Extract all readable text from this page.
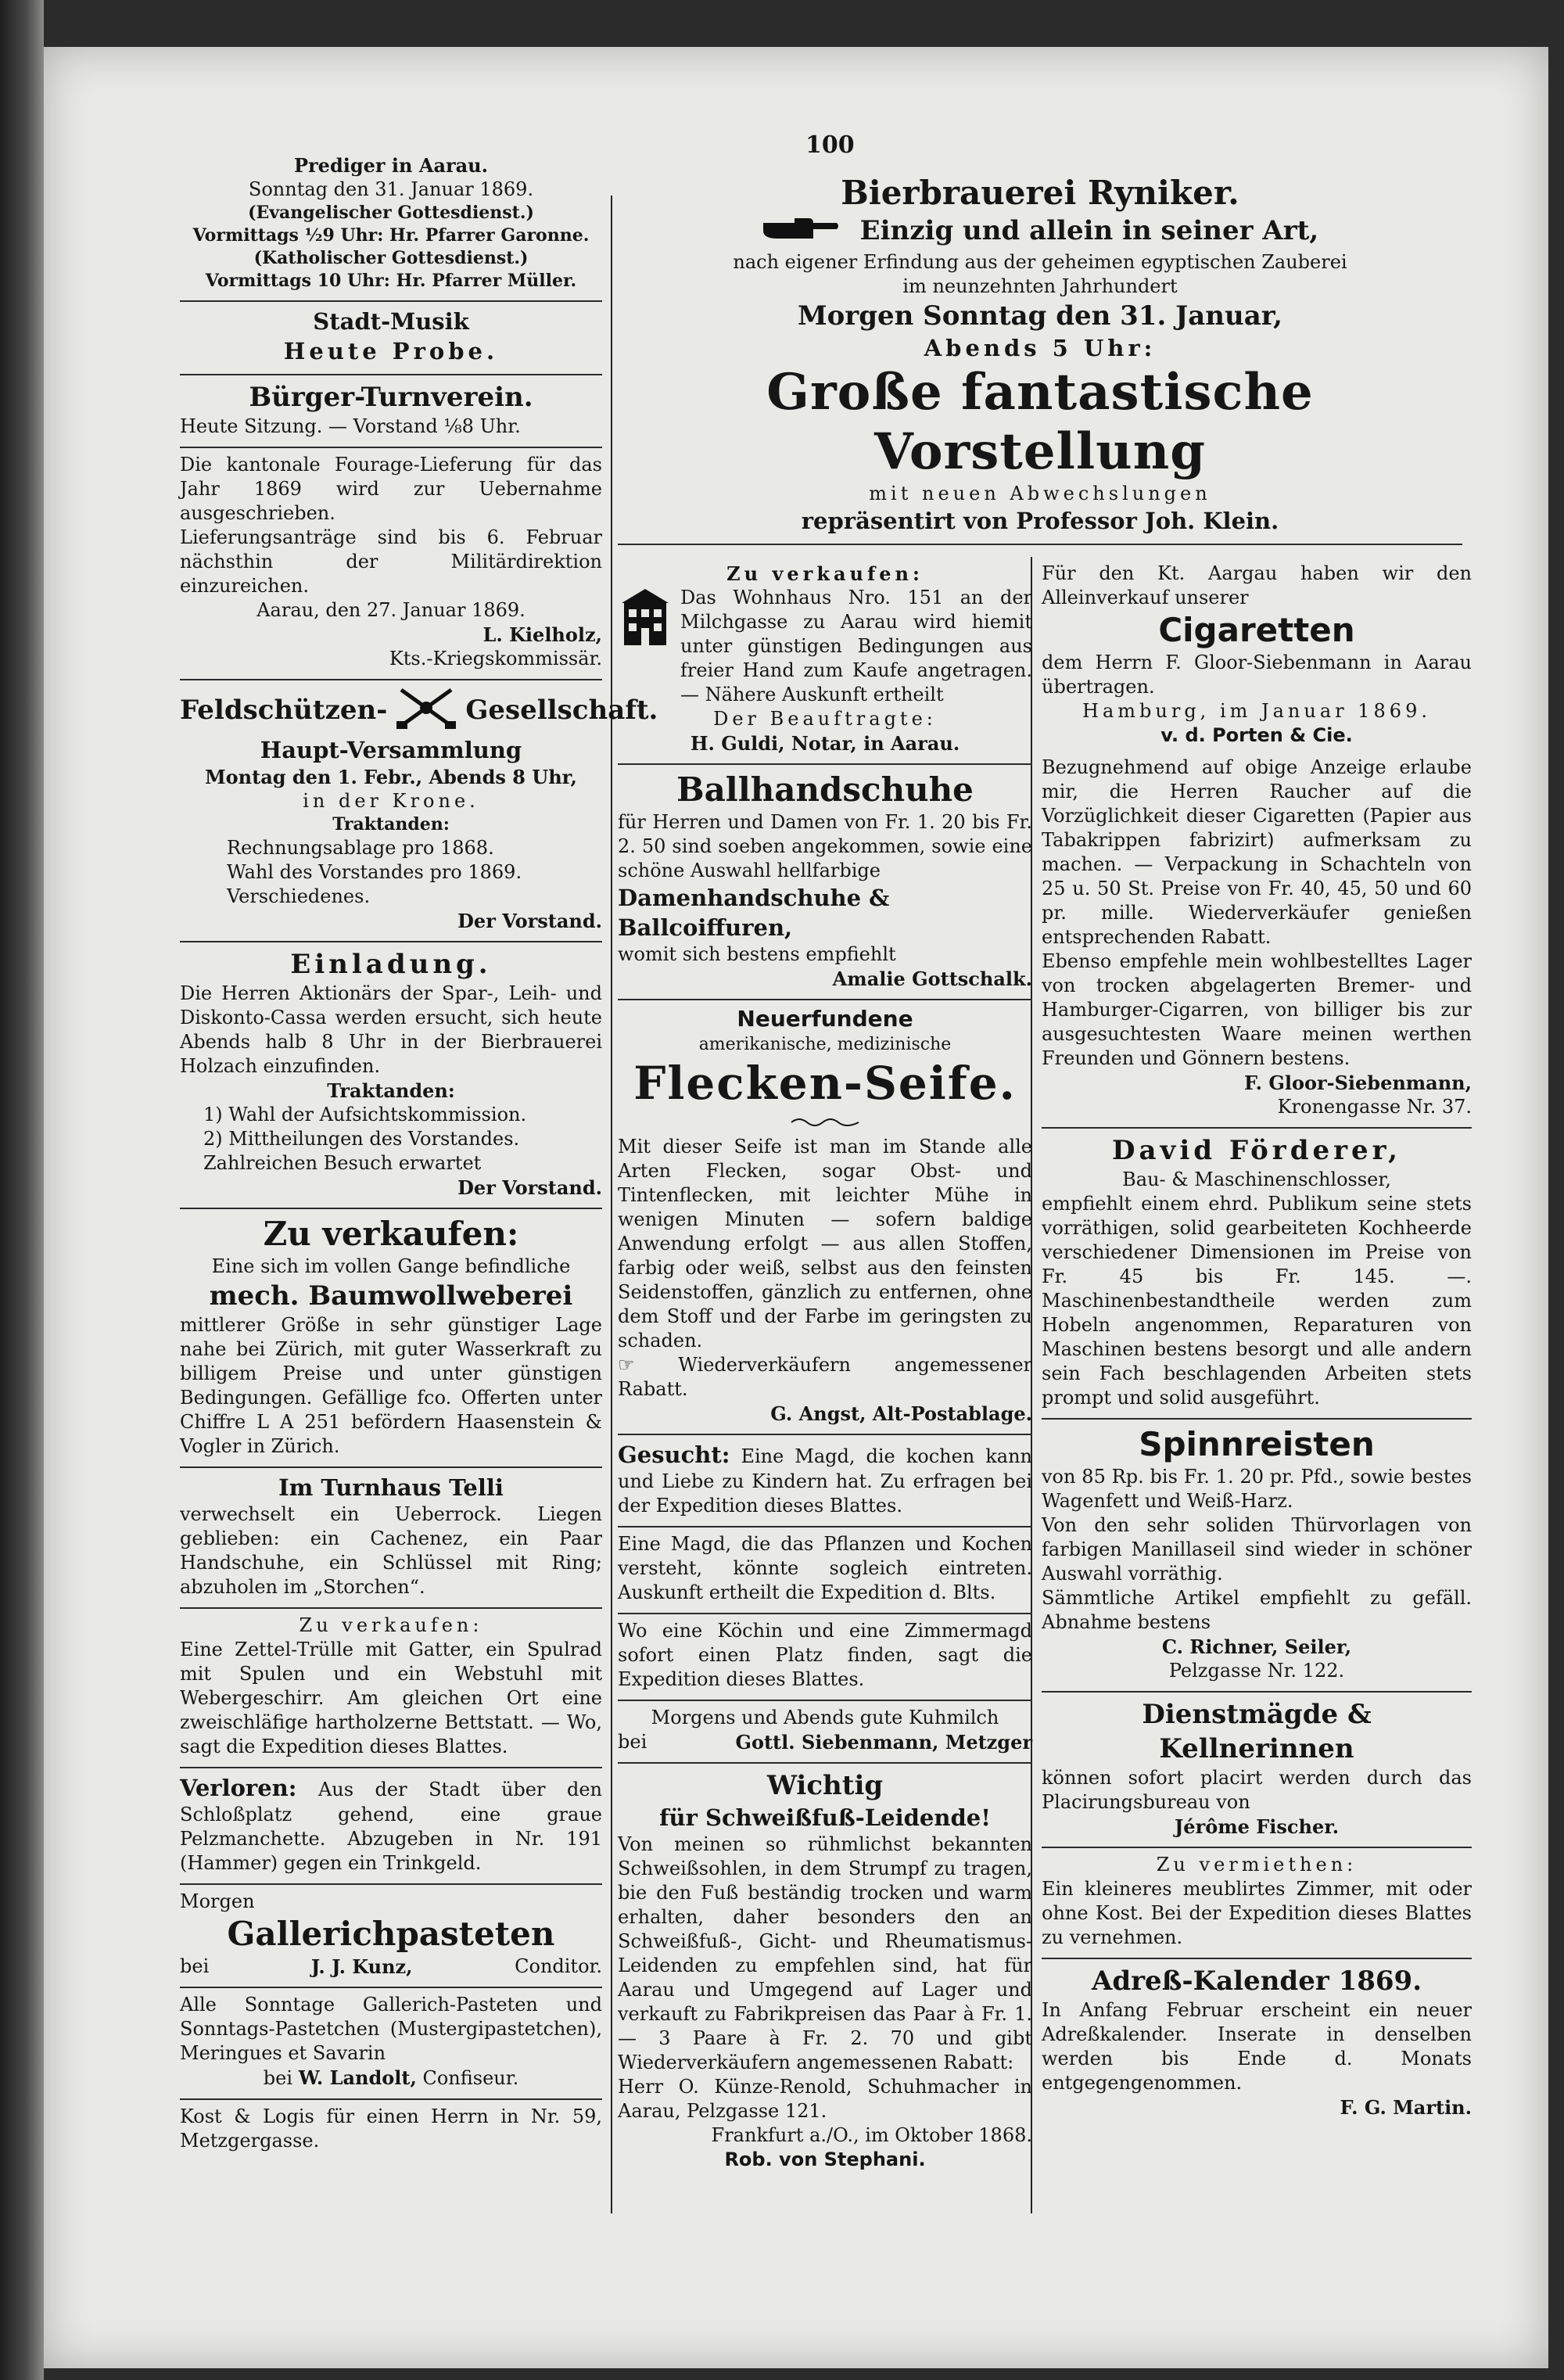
100

Prediger in Aarau.

Sonntag den 31. Januar 1869.

(Evangelischer Gottesdienst.)

Vormittags ½9 Uhr: Hr. Pfarrer Garonne.

(Katholischer Gottesdienst.)

Vormittags 10 Uhr: Hr. Pfarrer Müller.

Stadt-Musik

Heute Probe.

Bürger-Turnverein.

Heute Sitzung. — Vorstand ⅛8 Uhr.

Die kantonale Fourage-Lieferung für das Jahr 1869 wird zur Uebernahme ausgeschrieben.

Lieferungsanträge sind bis 6. Februar nächsthin der Militärdirektion einzureichen.

Aarau, den 27. Januar 1869.

L. Kielholz,

Kts.-Kriegskommissär.

Feldschützen-	Gesellschaft.

Haupt-Versammlung

Montag den 1. Febr., Abends 8 Uhr,

in der Krone.

Traktanden:

Rechnungsablage pro 1868.

Wahl des Vorstandes pro 1869.

Verschiedenes.

Der Vorstand.

Einladung.

Die Herren Aktionärs der Spar-, Leih- und Diskonto-Cassa werden ersucht, sich heute Abends halb 8 Uhr in der Bierbrauerei Holzach einzufinden.

Traktanden:

1) Wahl der Aufsichtskommission.

2) Mittheilungen des Vorstandes.

Zahlreichen Besuch erwartet

Der Vorstand.

Zu verkaufen:

Eine sich im vollen Gange befindliche

mech. Baumwollweberei

mittlerer Größe in sehr günstiger Lage nahe bei Zürich, mit guter Wasserkraft zu billigem Preise und unter günstigen Bedingungen. Gefällige fco. Offerten unter Chiffre L A 251 befördern Haasenstein & Vogler in Zürich.

Im Turnhaus Telli

verwechselt ein Ueberrock. Liegen geblieben: ein Cachenez, ein Paar Handschuhe, ein Schlüssel mit Ring; abzuholen im „Storchen“.

Zu verkaufen:

Eine Zettel-Trülle mit Gatter, ein Spulrad mit Spulen und ein Webstuhl mit Webergeschirr. Am gleichen Ort eine zweischläfige hartholzerne Bettstatt. — Wo, sagt die Expedition dieses Blattes.

Verloren: Aus der Stadt über den Schloßplatz gehend, eine graue Pelzmanchette. Abzugeben in Nr. 191 (Hammer) gegen ein Trinkgeld.

Morgen

Gallerichpasteten

bei	J. J. Kunz,	Conditor.

Alle Sonntage Gallerich-Pasteten und Sonntags-Pastetchen (Mustergipastetchen), Meringues et Savarin

bei W. Landolt, Confiseur.

Kost & Logis für einen Herrn in Nr. 59, Metzgergasse.

Bierbrauerei Ryniker.

Einzig und allein in seiner Art,

nach eigener Erfindung aus der geheimen egyptischen Zauberei

im neunzehnten Jahrhundert

Morgen Sonntag den 31. Januar,

Abends 5 Uhr:

Große fantastische Vorstellung

mit neuen Abwechslungen

repräsentirt von Professor Joh. Klein.

Zu verkaufen:

Das Wohnhaus Nro. 151 an der Milchgasse zu Aarau wird hiemit unter günstigen Bedingungen aus freier Hand zum Kaufe angetragen. — Nähere Auskunft ertheilt

Der Beauftragte:

H. Guldi, Notar, in Aarau.

Ballhandschuhe

für Herren und Damen von Fr. 1. 20 bis Fr. 2. 50 sind soeben angekommen, sowie eine schöne Auswahl hellfarbige

Damenhandschuhe & Ballcoiffuren,

womit sich bestens empfiehlt

Amalie Gottschalk.

Neuerfundene

amerikanische, medizinische

Flecken-Seife.

Mit dieser Seife ist man im Stande alle Arten Flecken, sogar Obst- und Tintenflecken, mit leichter Mühe in wenigen Minuten — sofern baldige Anwendung erfolgt — aus allen Stoffen, farbig oder weiß, selbst aus den feinsten Seidenstoffen, gänzlich zu entfernen, ohne dem Stoff und der Farbe im geringsten zu schaden.

☞ Wiederverkäufern angemessener Rabatt.

G. Angst, Alt-Postablage.

Gesucht: Eine Magd, die kochen kann und Liebe zu Kindern hat. Zu erfragen bei der Expedition dieses Blattes.

Eine Magd, die das Pflanzen und Kochen versteht, könnte sogleich eintreten. Auskunft ertheilt die Expedition d. Blts.

Wo eine Köchin und eine Zimmermagd sofort einen Platz finden, sagt die Expedition dieses Blattes.

Morgens und Abends gute Kuhmilch

bei	Gottl. Siebenmann, Metzger

Wichtig

für Schweißfuß-Leidende!

Von meinen so rühmlichst bekannten Schweißsohlen, in dem Strumpf zu tragen, bie den Fuß beständig trocken und warm erhalten, daher besonders den an Schweißfuß-, Gicht- und Rheumatismus-Leidenden zu empfehlen sind, hat für Aarau und Umgegend auf Lager und verkauft zu Fabrikpreisen das Paar à Fr. 1. — 3 Paare à Fr. 2. 70 und gibt Wiederverkäufern angemessenen Rabatt:

Herr O. Künze-Renold, Schuhmacher in Aarau, Pelzgasse 121.

Frankfurt a./O., im Oktober 1868.

Rob. von Stephani.

Für den Kt. Aargau haben wir den Alleinverkauf unserer

Cigaretten

dem Herrn F. Gloor-Siebenmann in Aarau übertragen.

Hamburg, im Januar 1869.

v. d. Porten & Cie.

Bezugnehmend auf obige Anzeige erlaube mir, die Herren Raucher auf die Vorzüglichkeit dieser Cigaretten (Papier aus Tabakrippen fabrizirt) aufmerksam zu machen. — Verpackung in Schachteln von 25 u. 50 St. Preise von Fr. 40, 45, 50 und 60 pr. mille. Wiederverkäufer genießen entsprechenden Rabatt.

Ebenso empfehle mein wohlbestelltes Lager von trocken abgelagerten Bremer- und Hamburger-Cigarren, von billiger bis zur ausgesuchtesten Waare meinen werthen Freunden und Gönnern bestens.

F. Gloor-Siebenmann,

Kronengasse Nr. 37.

David Förderer,

Bau- & Maschinenschlosser,

empfiehlt einem ehrd. Publikum seine stets vorräthigen, solid gearbeiteten Kochheerde verschiedener Dimensionen im Preise von Fr. 45 bis Fr. 145. —. Maschinenbestandtheile werden zum Hobeln angenommen, Reparaturen von Maschinen bestens besorgt und alle andern sein Fach beschlagenden Arbeiten stets prompt und solid ausgeführt.

Spinnreisten

von 85 Rp. bis Fr. 1. 20 pr. Pfd., sowie bestes Wagenfett und Weiß-Harz.

Von den sehr soliden Thürvorlagen von farbigen Manillaseil sind wieder in schöner Auswahl vorräthig.

Sämmtliche Artikel empfiehlt zu gefäll. Abnahme bestens

C. Richner, Seiler,

Pelzgasse Nr. 122.

Dienstmägde & Kellnerinnen

können sofort placirt werden durch das Placirungsbureau von

Jérôme Fischer.

Zu vermiethen:

Ein kleineres meublirtes Zimmer, mit oder ohne Kost. Bei der Expedition dieses Blattes zu vernehmen.

Adreß-Kalender 1869.

In Anfang Februar erscheint ein neuer Adreßkalender. Inserate in denselben werden bis Ende d. Monats entgegengenommen.

F. G. Martin.
